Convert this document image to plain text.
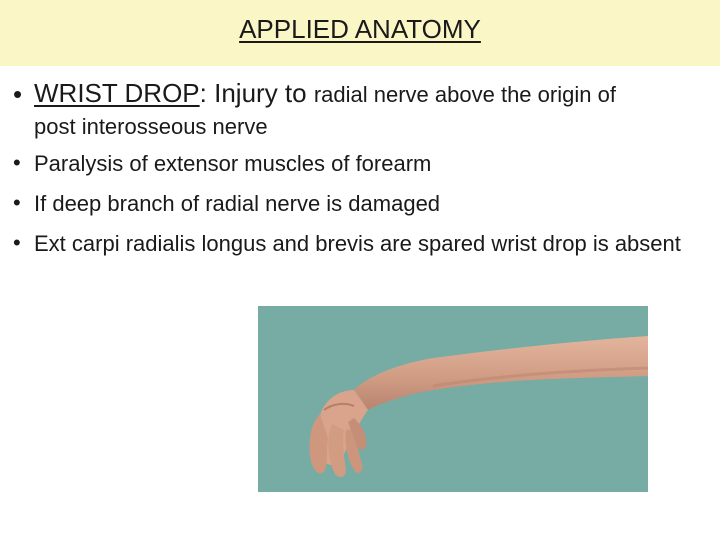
APPLIED ANATOMY
• WRIST DROP: Injury to radial nerve above the origin of
post interosseous nerve
• Paralysis of extensor muscles of forearm
• If deep branch of radial nerve is damaged
• Ext carpi radialis longus and brevis are spared wrist drop is absent
